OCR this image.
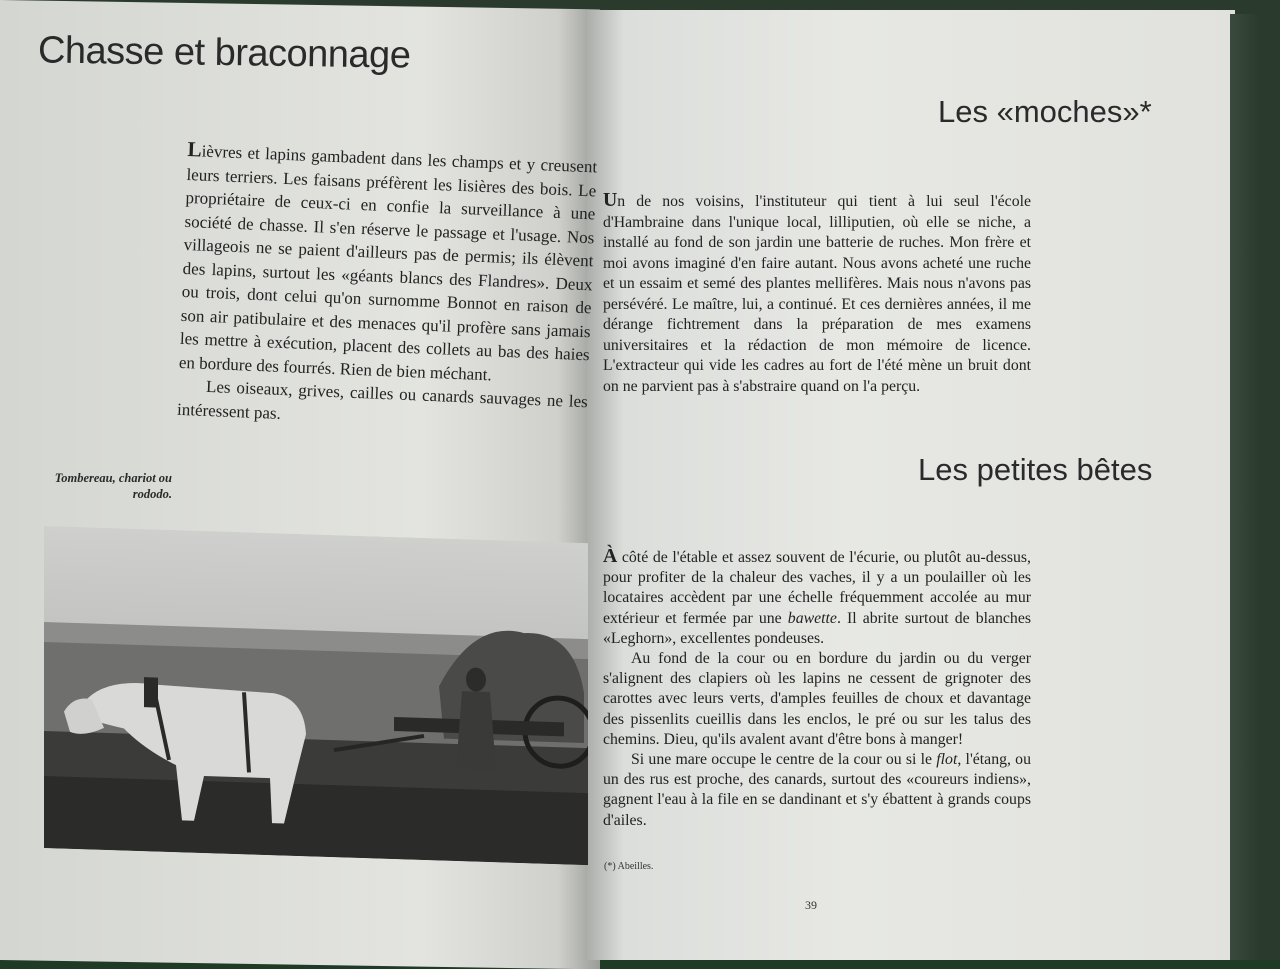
Chasse et braconnage

Lièvres et lapins gambadent dans les champs et y creusent leurs terriers. Les faisans préfèrent les lisières des bois. Le propriétaire de ceux-ci en confie la surveillance à une société de chasse. Il s'en réserve le passage et l'usage. Nos villageois ne se paient d'ailleurs pas de permis; ils élèvent des lapins, surtout les «géants blancs des Flandres». Deux ou trois, dont celui qu'on surnomme Bonnot en raison de son air patibulaire et des menaces qu'il profère sans jamais les mettre à exécution, placent des collets au bas des haies en bordure des fourrés. Rien de bien méchant.

Les oiseaux, grives, cailles ou canards sauvages ne les intéressent pas.

Tombereau, chariot ou rododo.
Les «moches»*

Un de nos voisins, l'instituteur qui tient à lui seul l'école d'Hambraine dans l'unique local, lilliputien, où elle se niche, a installé au fond de son jardin une batterie de ruches. Mon frère et moi avons imaginé d'en faire autant. Nous avons acheté une ruche et un essaim et semé des plantes mellifères. Mais nous n'avons pas persévéré. Le maître, lui, a continué. Et ces dernières années, il me dérange fichtrement dans la préparation de mes examens universitaires et la rédaction de mon mémoire de licence. L'extracteur qui vide les cadres au fort de l'été mène un bruit dont on ne parvient pas à s'abstraire quand on l'a perçu.

Les petites bêtes

À côté de l'étable et assez souvent de l'écurie, ou plutôt au-dessus, pour profiter de la chaleur des vaches, il y a un poulailler où les locataires accèdent par une échelle fréquemment accolée au mur extérieur et fermée par une bawette. Il abrite surtout de blanches «Leghorn», excellentes pondeuses.

Au fond de la cour ou en bordure du jardin ou du verger s'alignent des clapiers où les lapins ne cessent de grignoter des carottes avec leurs verts, d'amples feuilles de choux et davantage des pissenlits cueillis dans les enclos, le pré ou sur les talus des chemins. Dieu, qu'ils avalent avant d'être bons à manger!

Si une mare occupe le centre de la cour ou si le flot, l'étang, ou un des rus est proche, des canards, surtout des «coureurs indiens», gagnent l'eau à la file en se dandinant et s'y ébattent à grands coups d'ailes.

(*) Abeilles.
39
